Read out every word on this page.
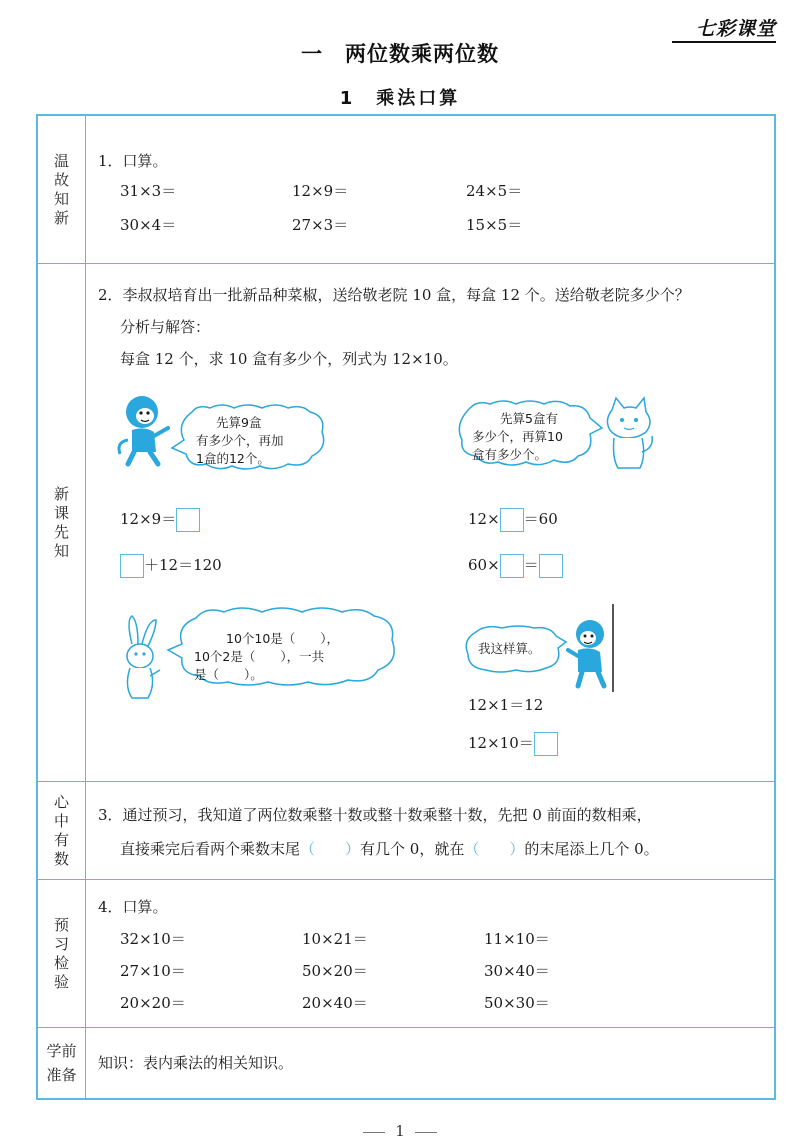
七彩课堂
一　两位数乘两位数
1　乘法口算
温故知新
1．口算。
31×3＝	12×9＝	24×5＝
30×4＝	27×3＝	15×5＝
新课先知
2．李叔叔培育出一批新品种菜椒，送给敬老院 10 盒，每盒 12 个。送给敬老院多少个？
分析与解答：
每盒 12 个，求 10 盒有多少个，列式为 12×10。
先算9盒
有多少个，再加
1盒的12个。
先算5盒有
多少个，再算10
盒有多少个。
12×9＝
＋12＝120
12× ＝60
60× ＝
10个10是（　　），
10个2是（　　），一共
是（　　）。
我这样算。
12×1＝12
12×10＝
心中有数
3．通过预习，我知道了两位数乘整十数或整十数乘整十数，先把 0 前面的数相乘，
直接乘完后看两个乘数末尾（　　）有几个 0，就在（　　）的末尾添上几个 0。
预习检验
4．口算。
32×10＝	10×21＝	11×10＝
27×10＝	50×20＝	30×40＝
20×20＝	20×40＝	50×30＝
学前准备
知识：表内乘法的相关知识。
1
